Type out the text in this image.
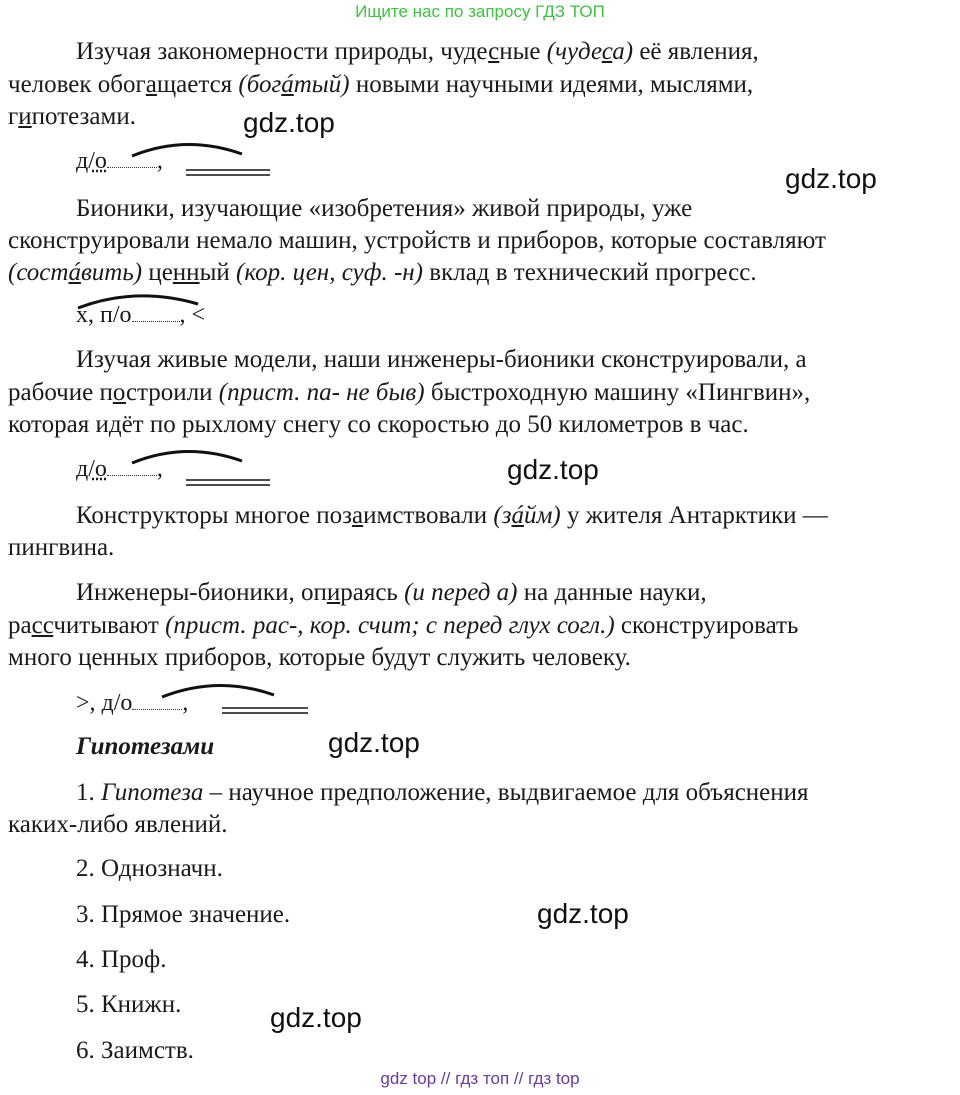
Ищите нас по запросу ГДЗ ТОП
gdz top // гдз топ // гдз top
gdz.top
gdz.top
gdz.top
gdz.top
gdz.top
gdz.top
Изучая закономерности природы, чудесные (чудеса) её явления,
человек обогащается (богáтый) новыми научными идеями, мыслями,
гипотезами.
д/о ,
Бионики, изучающие «изобретения» живой природы, уже
сконструировали немало машин, устройств и приборов, которые составляют
(состáвить) ценный (кор. цен, суф. -н) вклад в технический прогресс.
х, п/о , <
Изучая живые модели, наши инженеры-бионики сконструировали, а
рабочие построили (прист. па- не быв) быстроходную машину «Пингвин»,
которая идёт по рыхлому снегу со скоростью до 50 километров в час.
д/о ,
Конструкторы многое позаимствовали (зáйм) у жителя Антарктики —
пингвина.
Инженеры-бионики, опираясь (и перед а) на данные науки,
рассчитывают (прист. рас-, кор. счит; с перед глух согл.) сконструировать
много ценных приборов, которые будут служить человеку.
>, д/о ,
Гипотезами
1. Гипотеза – научное предположение, выдвигаемое для объяснения
каких-либо явлений.
2. Однозначн.
3. Прямое значение.
4. Проф.
5. Книжн.
6. Заимств.
